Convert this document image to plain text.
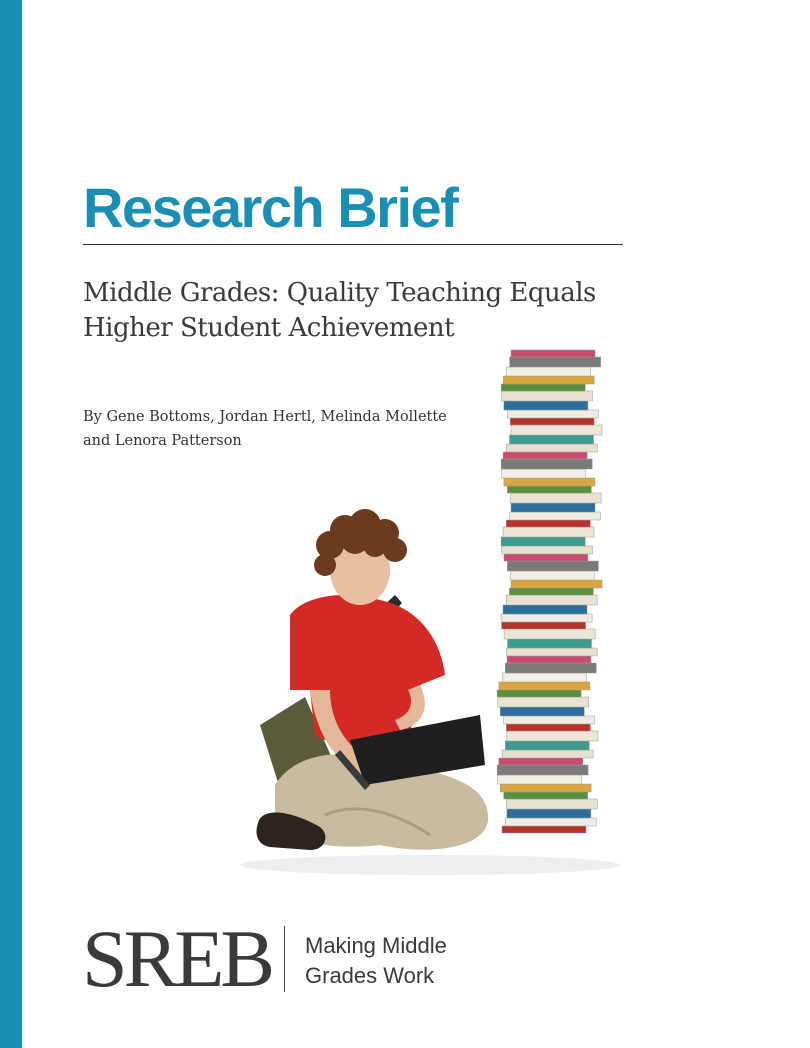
Research Brief
Middle Grades: Quality Teaching Equals
Higher Student Achievement
By Gene Bottoms, Jordan Hertl, Melinda Mollette
and Lenora Patterson
SREB Making Middle
Grades Work
